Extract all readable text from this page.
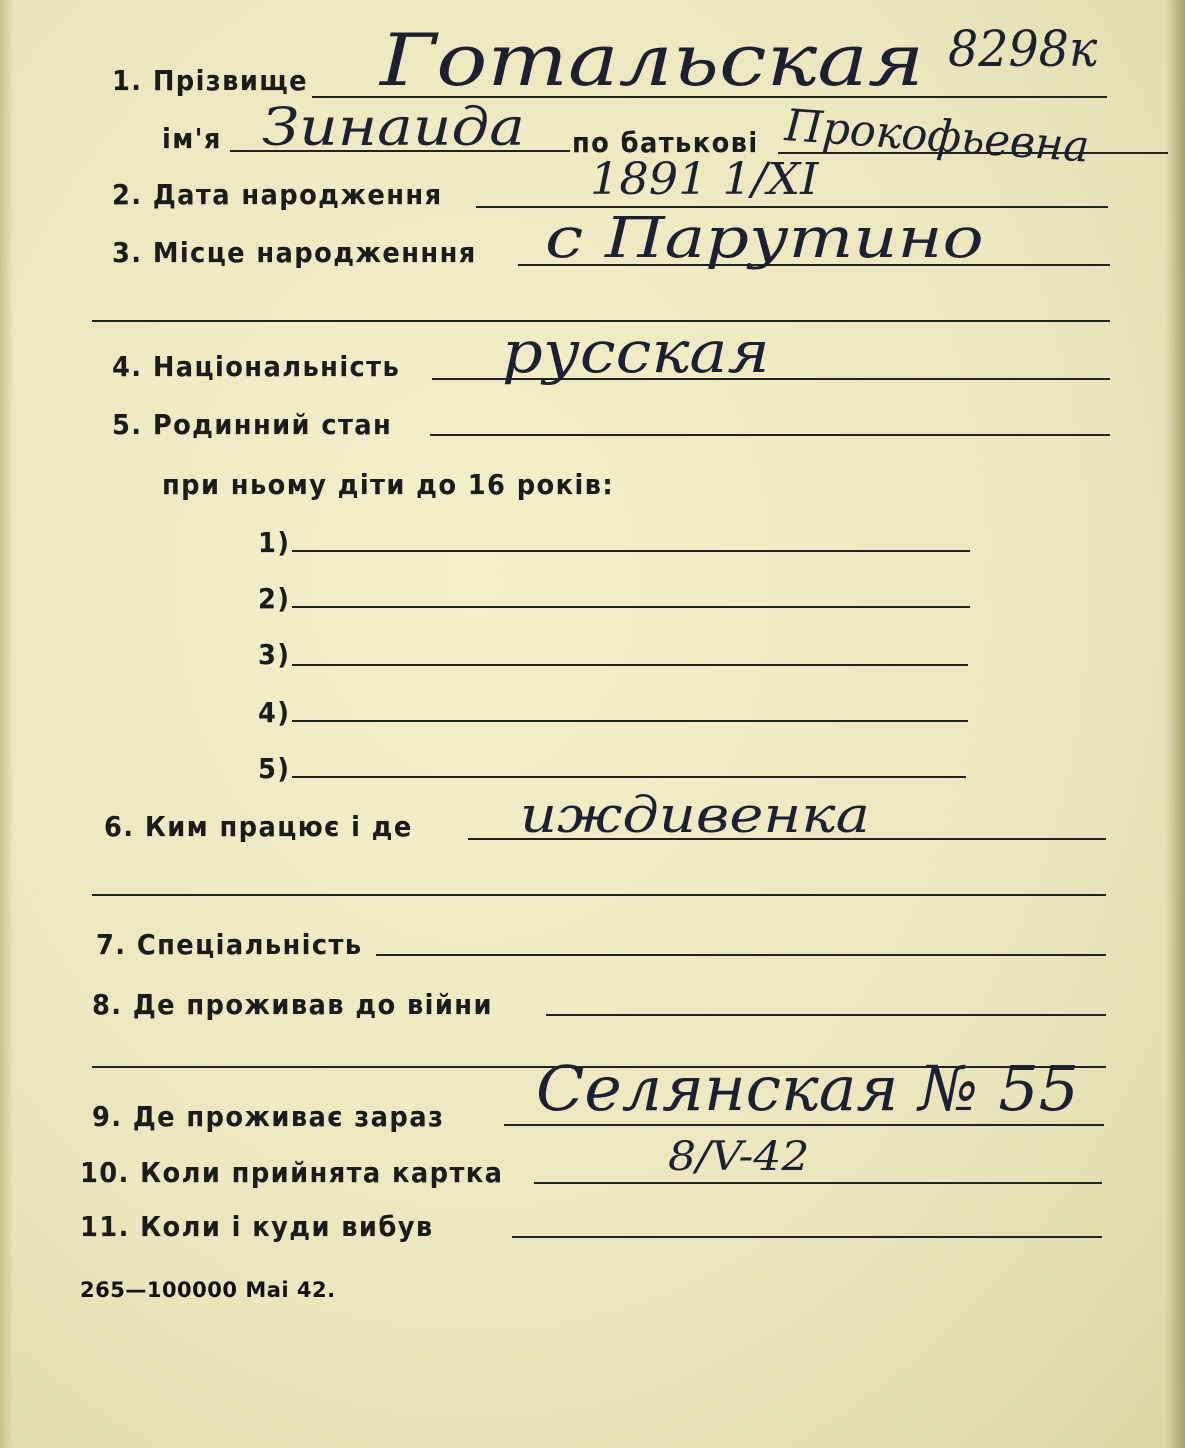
1. Прізвище Готальская 8298к
ім'я Зинаида по батькові Прокофьевна
2. Дата народження	1891 1/XI
3. Місце народженння с Парутино
4. Національність русская
5. Родинний стан
при ньому діти до 16 років:
1)
2)
3)
4)
5)
6. Ким працює і де иждивенка
7. Спеціальність
8. Де проживав до війни
9. Де проживає зараз Селянская № 55
10. Коли прийнята картка	8/V-42
11. Коли і куди вибув
265—100000 Mai 42.
